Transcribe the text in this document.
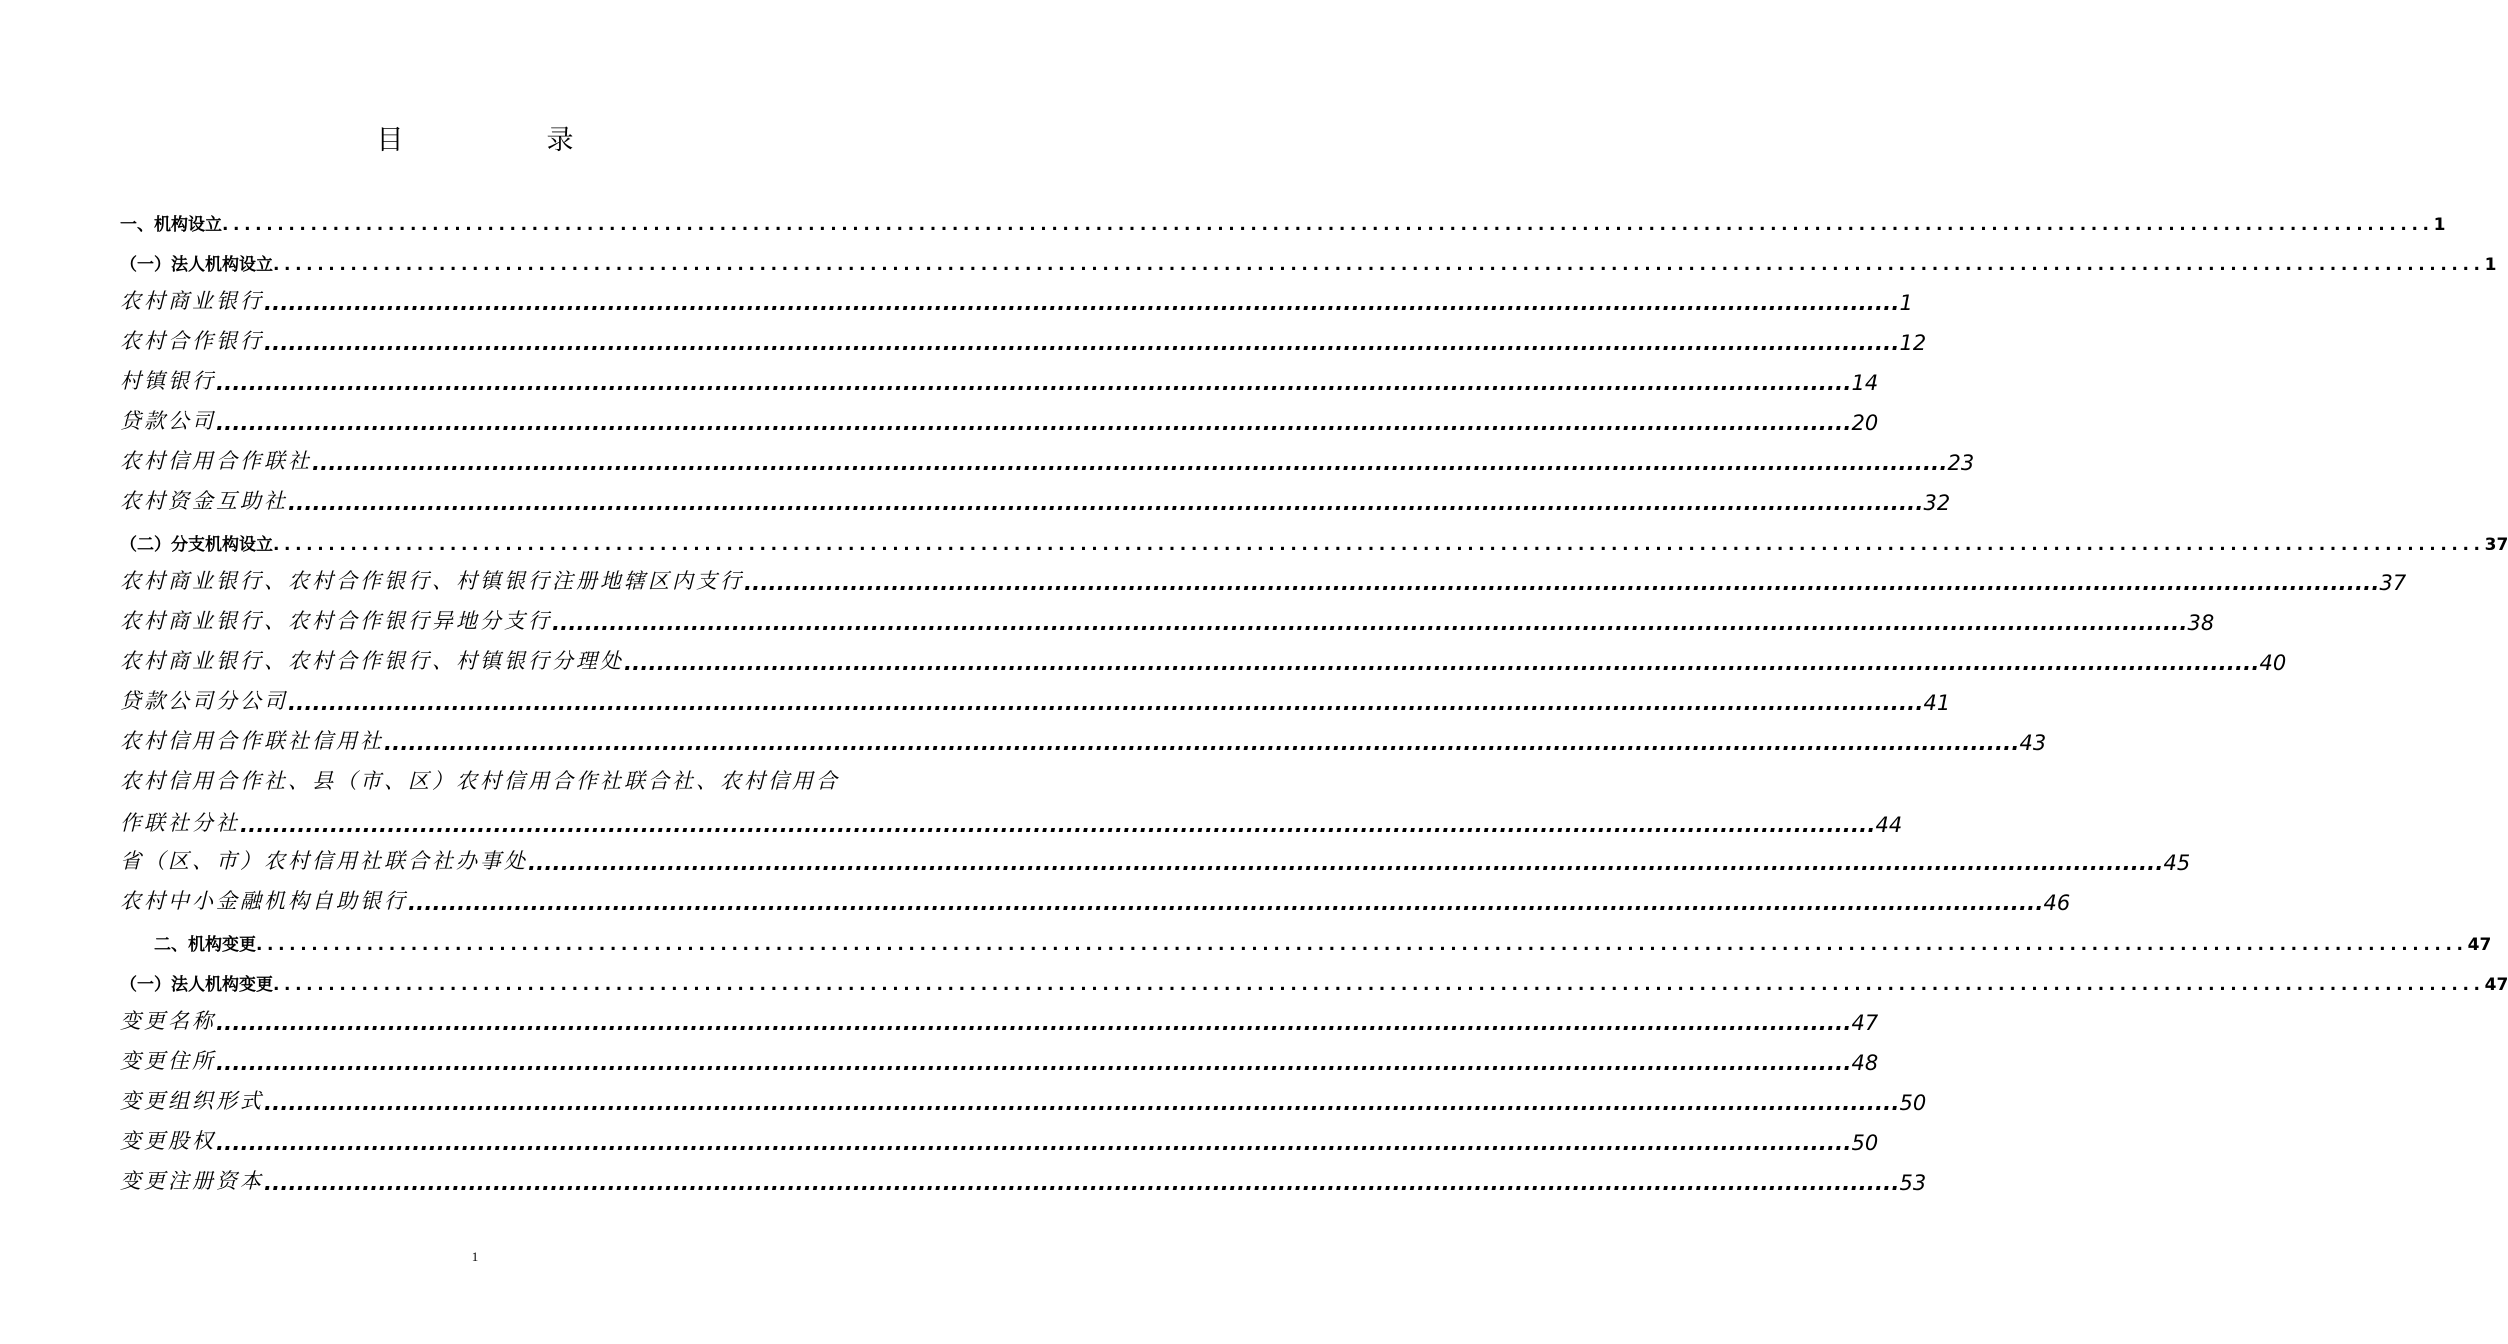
目　录
一、机构设立 ........................................................................................................................................................................................................ 1
（一）法人机构设立 ........................................................................................................................................................................................................ 1
农村商业银行 ........................................................................................................................................................................................................ 1
农村合作银行 ........................................................................................................................................................................................................ 12
村镇银行 ........................................................................................................................................................................................................ 14
贷款公司 ........................................................................................................................................................................................................ 20
农村信用合作联社 ........................................................................................................................................................................................................ 23
农村资金互助社 ........................................................................................................................................................................................................ 32
（二）分支机构设立 ........................................................................................................................................................................................................ 37
农村商业银行、农村合作银行、村镇银行注册地辖区内支行 ........................................................................................................................................................................................................ 37
农村商业银行、农村合作银行异地分支行 ........................................................................................................................................................................................................ 38
农村商业银行、农村合作银行、村镇银行分理处 ........................................................................................................................................................................................................ 40
贷款公司分公司 ........................................................................................................................................................................................................ 41
农村信用合作联社信用社 ........................................................................................................................................................................................................ 43
农村信用合作社、县（市、区）农村信用合作社联合社、农村信用合
作联社分社 ........................................................................................................................................................................................................ 44
省（区、市）农村信用社联合社办事处 ........................................................................................................................................................................................................ 45
农村中小金融机构自助银行 ........................................................................................................................................................................................................ 46
二、机构变更 ........................................................................................................................................................................................................ 47
（一）法人机构变更 ........................................................................................................................................................................................................ 47
变更名称 ........................................................................................................................................................................................................ 47
变更住所 ........................................................................................................................................................................................................ 48
变更组织形式 ........................................................................................................................................................................................................ 50
变更股权 ........................................................................................................................................................................................................ 50
变更注册资本 ........................................................................................................................................................................................................ 53
1
